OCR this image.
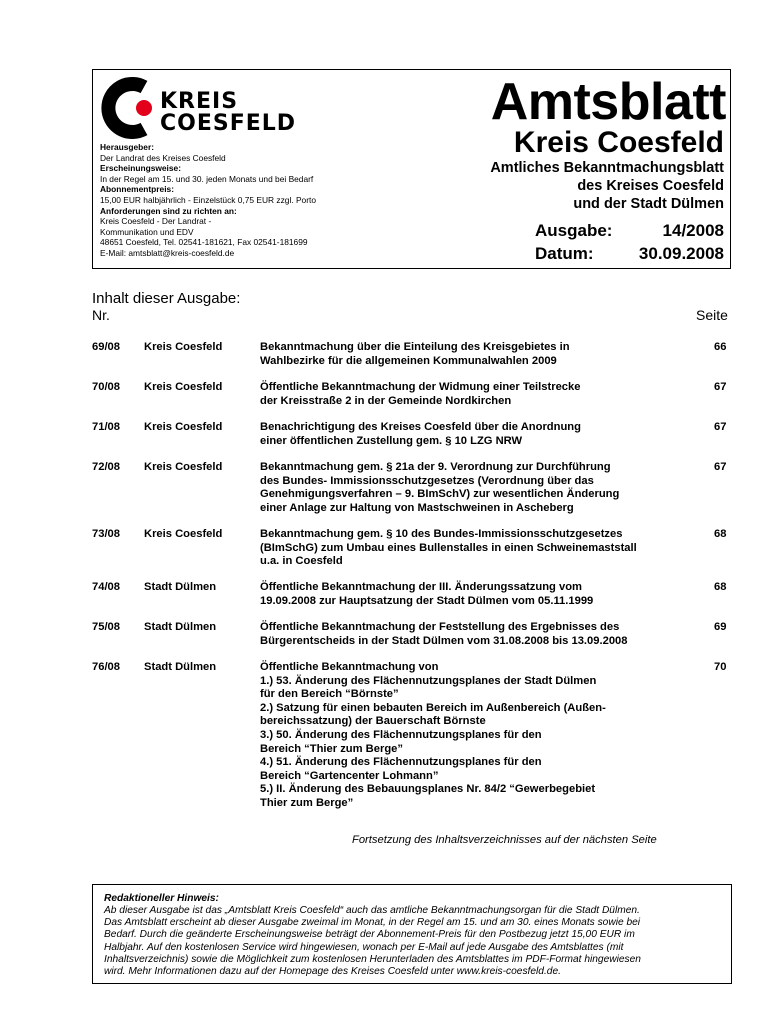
KREIS
COESFELD
Herausgeber:
Der Landrat des Kreises Coesfeld
Erscheinungsweise:
In der Regel am 15. und 30. jeden Monats und bei Bedarf
Abonnementpreis:
15,00 EUR halbjährlich - Einzelstück 0,75 EUR zzgl. Porto
Anforderungen sind zu richten an:
Kreis Coesfeld - Der Landrat -
Kommunikation und EDV
48651 Coesfeld, Tel. 02541-181621, Fax 02541-181699
E-Mail: amtsblatt@kreis-coesfeld.de
Amtsblatt
Kreis Coesfeld
Amtliches Bekanntmachungsblatt
des Kreises Coesfeld
und der Stadt Dülmen
Ausgabe:	14/2008
Datum:	30.09.2008
Inhalt dieser Ausgabe:
Nr.	Seite
69/08 Kreis Coesfeld	Bekanntmachung über die Einteilung des Kreisgebietes in
Wahlbezirke für die allgemeinen Kommunalwahlen 2009
66
70/08 Kreis Coesfeld	Öffentliche Bekanntmachung der Widmung einer Teilstrecke
der Kreisstraße 2 in der Gemeinde Nordkirchen
67
71/08 Kreis Coesfeld	Benachrichtigung des Kreises Coesfeld über die Anordnung
einer öffentlichen Zustellung gem. § 10 LZG NRW
67
72/08 Kreis Coesfeld	Bekanntmachung gem. § 21a der 9. Verordnung zur Durchführung
des Bundes- Immissionsschutzgesetzes (Verordnung über das
Genehmigungsverfahren – 9. BImSchV) zur wesentlichen Änderung
einer Anlage zur Haltung von Mastschweinen in Ascheberg
67
73/08 Kreis Coesfeld	Bekanntmachung gem. § 10 des Bundes-Immissionsschutzgesetzes
(BImSchG) zum Umbau eines Bullenstalles in einen Schweinemaststall
u.a. in Coesfeld
68
74/08 Stadt Dülmen	Öffentliche Bekanntmachung der III. Änderungssatzung vom
19.09.2008 zur Hauptsatzung der Stadt Dülmen vom 05.11.1999
68
75/08 Stadt Dülmen	Öffentliche Bekanntmachung der Feststellung des Ergebnisses des
Bürgerentscheids in der Stadt Dülmen vom 31.08.2008 bis 13.09.2008
69
76/08 Stadt Dülmen	Öffentliche Bekanntmachung von
1.) 53. Änderung des Flächennutzungsplanes der Stadt Dülmen
für den Bereich “Börnste”
2.) Satzung für einen bebauten Bereich im Außenbereich (Außen-
bereichssatzung) der Bauerschaft Börnste
3.) 50. Änderung des Flächennutzungsplanes für den
Bereich “Thier zum Berge”
4.) 51. Änderung des Flächennutzungsplanes für den
Bereich “Gartencenter Lohmann”
5.) II. Änderung des Bebauungsplanes Nr. 84/2 “Gewerbegebiet
Thier zum Berge”
70
Fortsetzung des Inhaltsverzeichnisses auf der nächsten Seite
Redaktioneller Hinweis:
Ab dieser Ausgabe ist das „Amtsblatt Kreis Coesfeld“ auch das amtliche Bekanntmachungsorgan für die Stadt Dülmen.
Das Amtsblatt erscheint ab dieser Ausgabe zweimal im Monat, in der Regel am 15. und am 30. eines Monats sowie bei
Bedarf. Durch die geänderte Erscheinungsweise beträgt der Abonnement-Preis für den Postbezug jetzt 15,00 EUR im
Halbjahr. Auf den kostenlosen Service wird hingewiesen, wonach per E-Mail auf jede Ausgabe des Amtsblattes (mit
Inhaltsverzeichnis) sowie die Möglichkeit zum kostenlosen Herunterladen des Amtsblattes im PDF-Format hingewiesen
wird. Mehr Informationen dazu auf der Homepage des Kreises Coesfeld unter www.kreis-coesfeld.de.
